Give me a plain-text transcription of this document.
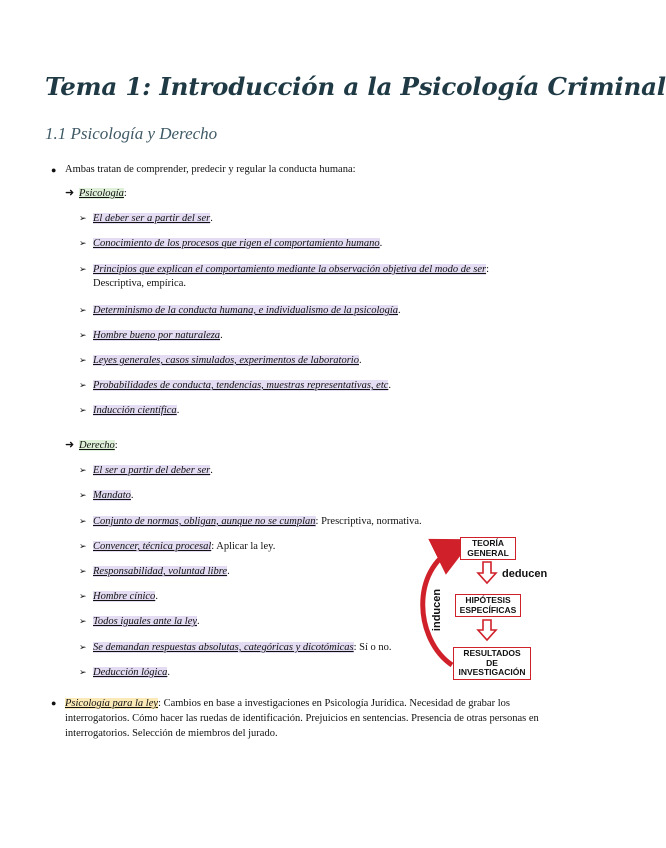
Tema 1: Introducción a la Psicología Criminal
1.1 Psicología y Derecho
● Ambas tratan de comprender, predecir y regular la conducta humana:
➜ Psicología:
➢ El deber ser a partir del ser.
➢ Conocimiento de los procesos que rigen el comportamiento humano.
➢ Principios que explican el comportamiento mediante la observación objetiva del modo de ser:
Descriptiva, empírica.
➢ Determinismo de la conducta humana, e individualismo de la psicología.
➢ Hombre bueno por naturaleza.
➢ Leyes generales, casos simulados, experimentos de laboratorio.
➢ Probabilidades de conducta, tendencias, muestras representativas, etc.
➢ Inducción científica.
➜ Derecho:
➢ El ser a partir del deber ser.
➢ Mandato.
➢ Conjunto de normas, obligan, aunque no se cumplan: Prescriptiva, normativa.
➢ Convencer, técnica procesal: Aplicar la ley.
➢ Responsabilidad, voluntad libre.
➢ Hombre cínico.
➢ Todos iguales ante la ley.
➢ Se demandan respuestas absolutas, categóricas y dicotómicas: Sí o no.
➢ Deducción lógica.
● Psicología para la ley: Cambios en base a investigaciones en Psicología Jurídica. Necesidad de grabar los interrogatorios. Cómo hacer las ruedas de identificación. Prejuicios en sentencias. Presencia de otras personas en interrogatorios. Selección de miembros del jurado.
TEORÍA
GENERAL
HIPÓTESIS
ESPECÍFICAS
RESULTADOS
DE
INVESTIGACIÓN
deducen
inducen
